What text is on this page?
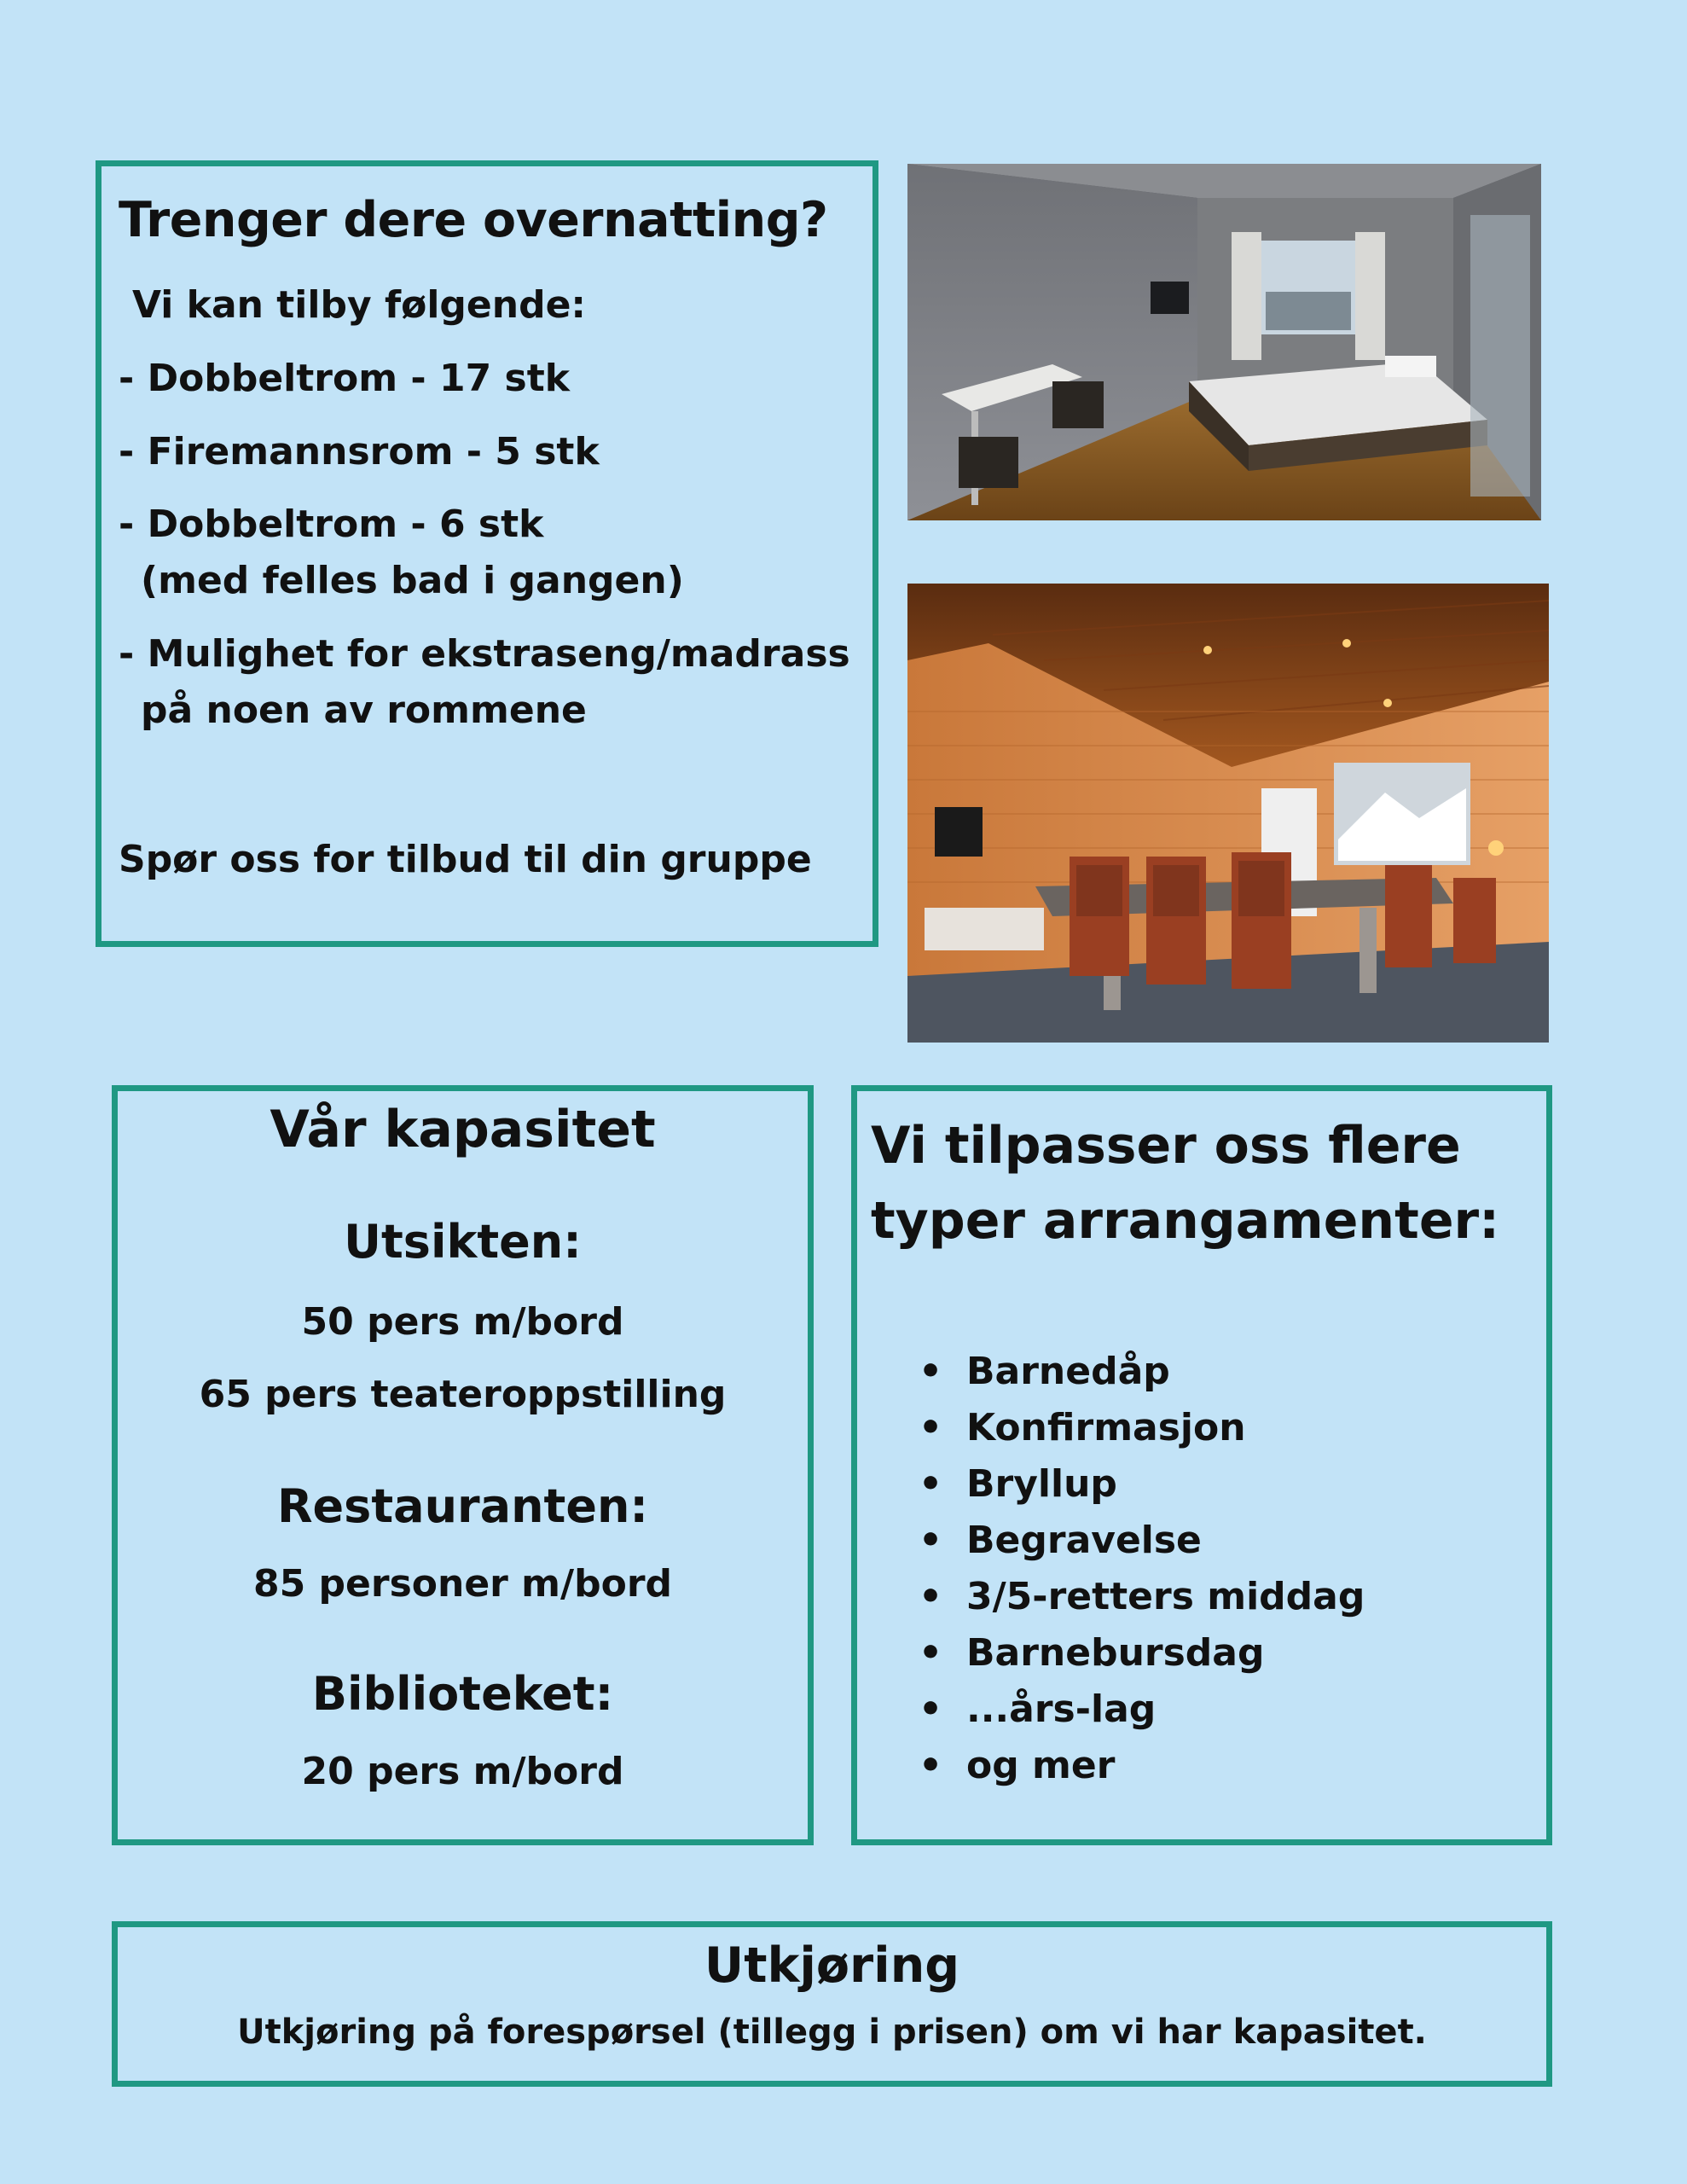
Trenger dere overnatting?
Vi kan tilby følgende:
- Dobbeltrom - 17 stk
- Firemannsrom - 5 stk
- Dobbeltrom - 6 stk
(med felles bad i gangen)
- Mulighet for ekstraseng/madrass
på noen av rommene
Spør oss for tilbud til din gruppe
Vår kapasitet
Utsikten:
50 pers m/bord
65 pers teateroppstilling
Restauranten:
85 personer m/bord
Biblioteket:
20 pers m/bord
Vi tilpasser oss flere
typer arrangamenter:
• Barnedåp
• Konfirmasjon
• Bryllup
• Begravelse
• 3/5-retters middag
• Barnebursdag
• ...års-lag
• og mer
Utkjøring
Utkjøring på forespørsel (tillegg i prisen) om vi har kapasitet.
